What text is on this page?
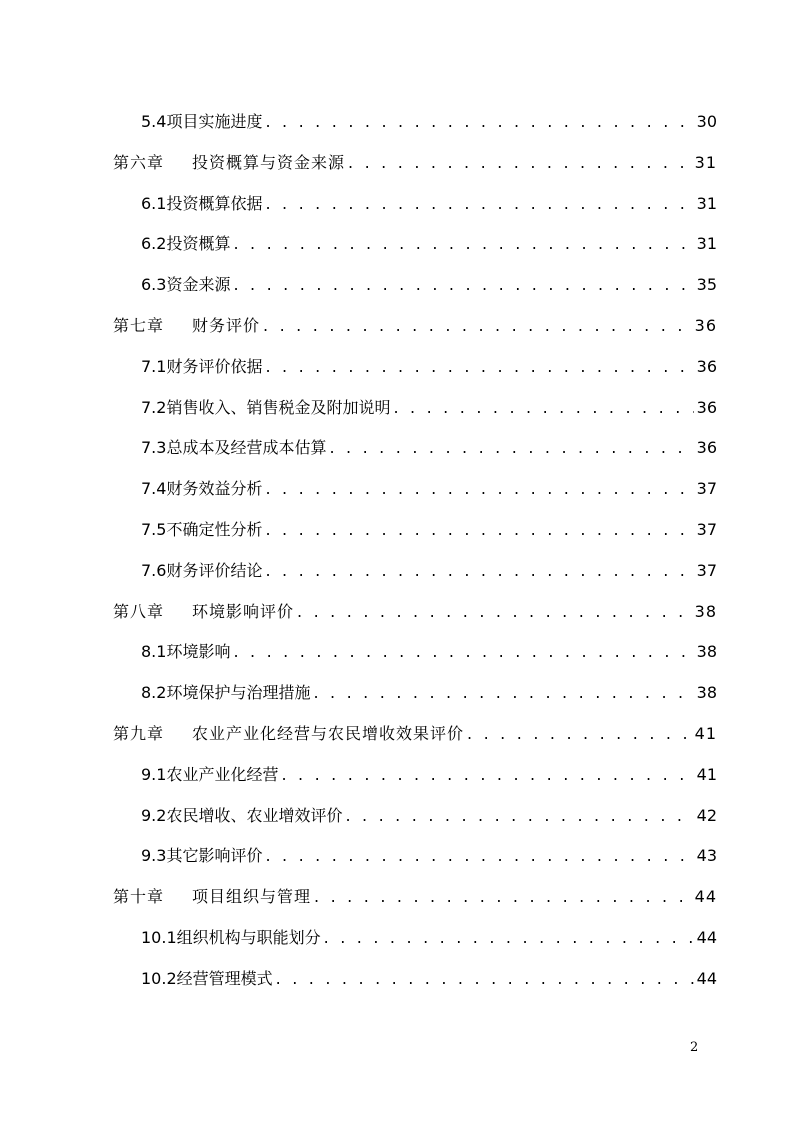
5.4 项目实施进度 . . .	30
第六章 投资概算与资金来源 . . .	31
6.1 投资概算依据 . . .	31
6.2 投资概算 . . .	31
6.3 资金来源 . . .	35
第七章 财务评价 . . .	36
7.1 财务评价依据 . . .	36
7.2 销售收入、销售税金及附加说明 . . .	36
7.3 总成本及经营成本估算 . . .	36
7.4 财务效益分析 . . .	37
7.5 不确定性分析 . . .	37
7.6 财务评价结论 . . .	37
第八章 环境影响评价 . . .	38
8.1 环境影响 . . .	38
8.2 环境保护与治理措施 . . .	38
第九章 农业产业化经营与农民增收效果评价 . . .	41
9.1 农业产业化经营 . . .	41
9.2 农民增收、农业增效评价 . . .	42
9.3 其它影响评价 . . .	43
第十章 项目组织与管理 . . .	44
10.1 组织机构与职能划分 . . .	44
10.2 经营管理模式 . . .	44
2
